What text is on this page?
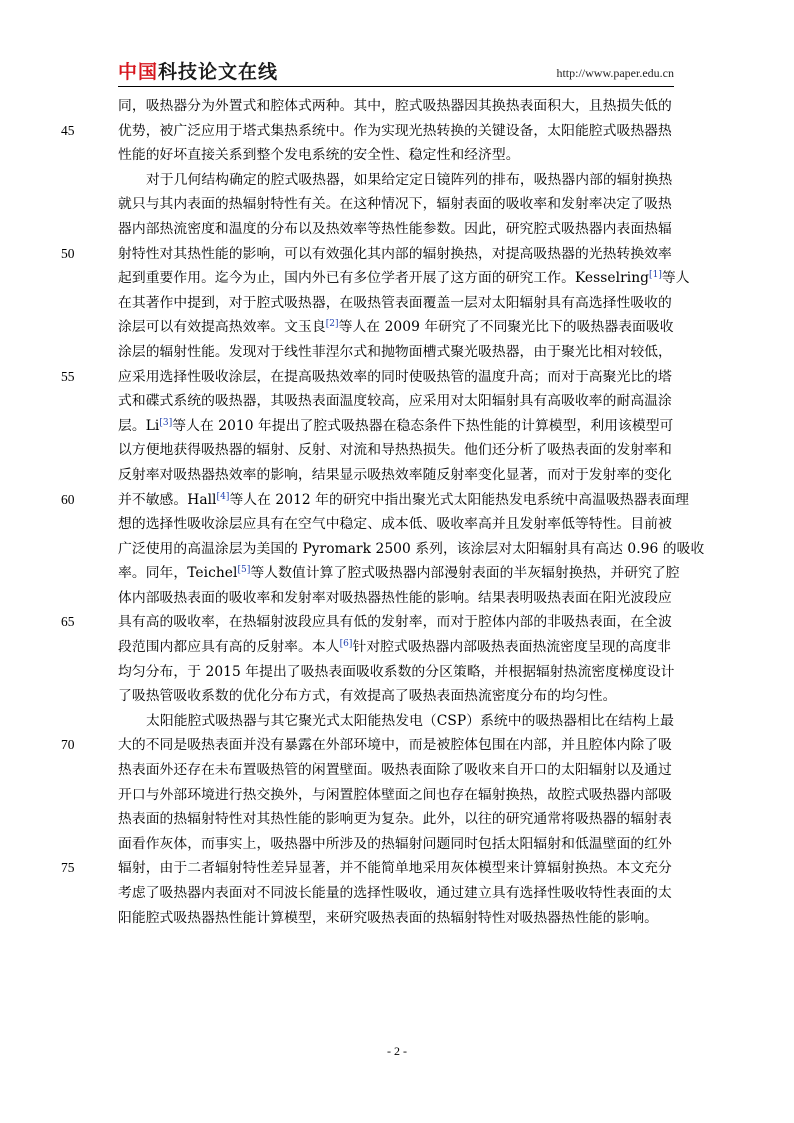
中国科技论文在线	http://www.paper.edu.cn
同，吸热器分为外置式和腔体式两种。其中，腔式吸热器因其换热表面积大，且热损失低的
45	优势，被广泛应用于塔式集热系统中。作为实现光热转换的关键设备，太阳能腔式吸热器热
性能的好坏直接关系到整个发电系统的安全性、稳定性和经济型。
对于几何结构确定的腔式吸热器，如果给定定日镜阵列的排布，吸热器内部的辐射换热
就只与其内表面的热辐射特性有关。在这种情况下，辐射表面的吸收率和发射率决定了吸热
器内部热流密度和温度的分布以及热效率等热性能参数。因此，研究腔式吸热器内表面热辐
50	射特性对其热性能的影响，可以有效强化其内部的辐射换热，对提高吸热器的光热转换效率
起到重要作用。迄今为止，国内外已有多位学者开展了这方面的研究工作。Kesselring[1]等人
在其著作中提到，对于腔式吸热器，在吸热管表面覆盖一层对太阳辐射具有高选择性吸收的
涂层可以有效提高热效率。文玉良[2]等人在 2009 年研究了不同聚光比下的吸热器表面吸收
涂层的辐射性能。发现对于线性菲涅尔式和抛物面槽式聚光吸热器，由于聚光比相对较低，
55	应采用选择性吸收涂层，在提高吸热效率的同时使吸热管的温度升高；而对于高聚光比的塔
式和碟式系统的吸热器，其吸热表面温度较高，应采用对太阳辐射具有高吸收率的耐高温涂
层。Li[3]等人在 2010 年提出了腔式吸热器在稳态条件下热性能的计算模型，利用该模型可
以方便地获得吸热器的辐射、反射、对流和导热热损失。他们还分析了吸热表面的发射率和
反射率对吸热器热效率的影响，结果显示吸热效率随反射率变化显著，而对于发射率的变化
60	并不敏感。Hall[4]等人在 2012 年的研究中指出聚光式太阳能热发电系统中高温吸热器表面理
想的选择性吸收涂层应具有在空气中稳定、成本低、吸收率高并且发射率低等特性。目前被
广泛使用的高温涂层为美国的 Pyromark 2500 系列，该涂层对太阳辐射具有高达 0.96 的吸收
率。同年，Teichel[5]等人数值计算了腔式吸热器内部漫射表面的半灰辐射换热，并研究了腔
体内部吸热表面的吸收率和发射率对吸热器热性能的影响。结果表明吸热表面在阳光波段应
65	具有高的吸收率，在热辐射波段应具有低的发射率，而对于腔体内部的非吸热表面，在全波
段范围内都应具有高的反射率。本人[6]针对腔式吸热器内部吸热表面热流密度呈现的高度非
均匀分布，于 2015 年提出了吸热表面吸收系数的分区策略，并根据辐射热流密度梯度设计
了吸热管吸收系数的优化分布方式，有效提高了吸热表面热流密度分布的均匀性。
太阳能腔式吸热器与其它聚光式太阳能热发电（CSP）系统中的吸热器相比在结构上最
70	大的不同是吸热表面并没有暴露在外部环境中，而是被腔体包围在内部，并且腔体内除了吸
热表面外还存在未布置吸热管的闲置壁面。吸热表面除了吸收来自开口的太阳辐射以及通过
开口与外部环境进行热交换外，与闲置腔体壁面之间也存在辐射换热，故腔式吸热器内部吸
热表面的热辐射特性对其热性能的影响更为复杂。此外，以往的研究通常将吸热器的辐射表
面看作灰体，而事实上，吸热器中所涉及的热辐射问题同时包括太阳辐射和低温壁面的红外
75	辐射，由于二者辐射特性差异显著，并不能简单地采用灰体模型来计算辐射换热。本文充分
考虑了吸热器内表面对不同波长能量的选择性吸收，通过建立具有选择性吸收特性表面的太
阳能腔式吸热器热性能计算模型，来研究吸热表面的热辐射特性对吸热器热性能的影响。
- 2 -
